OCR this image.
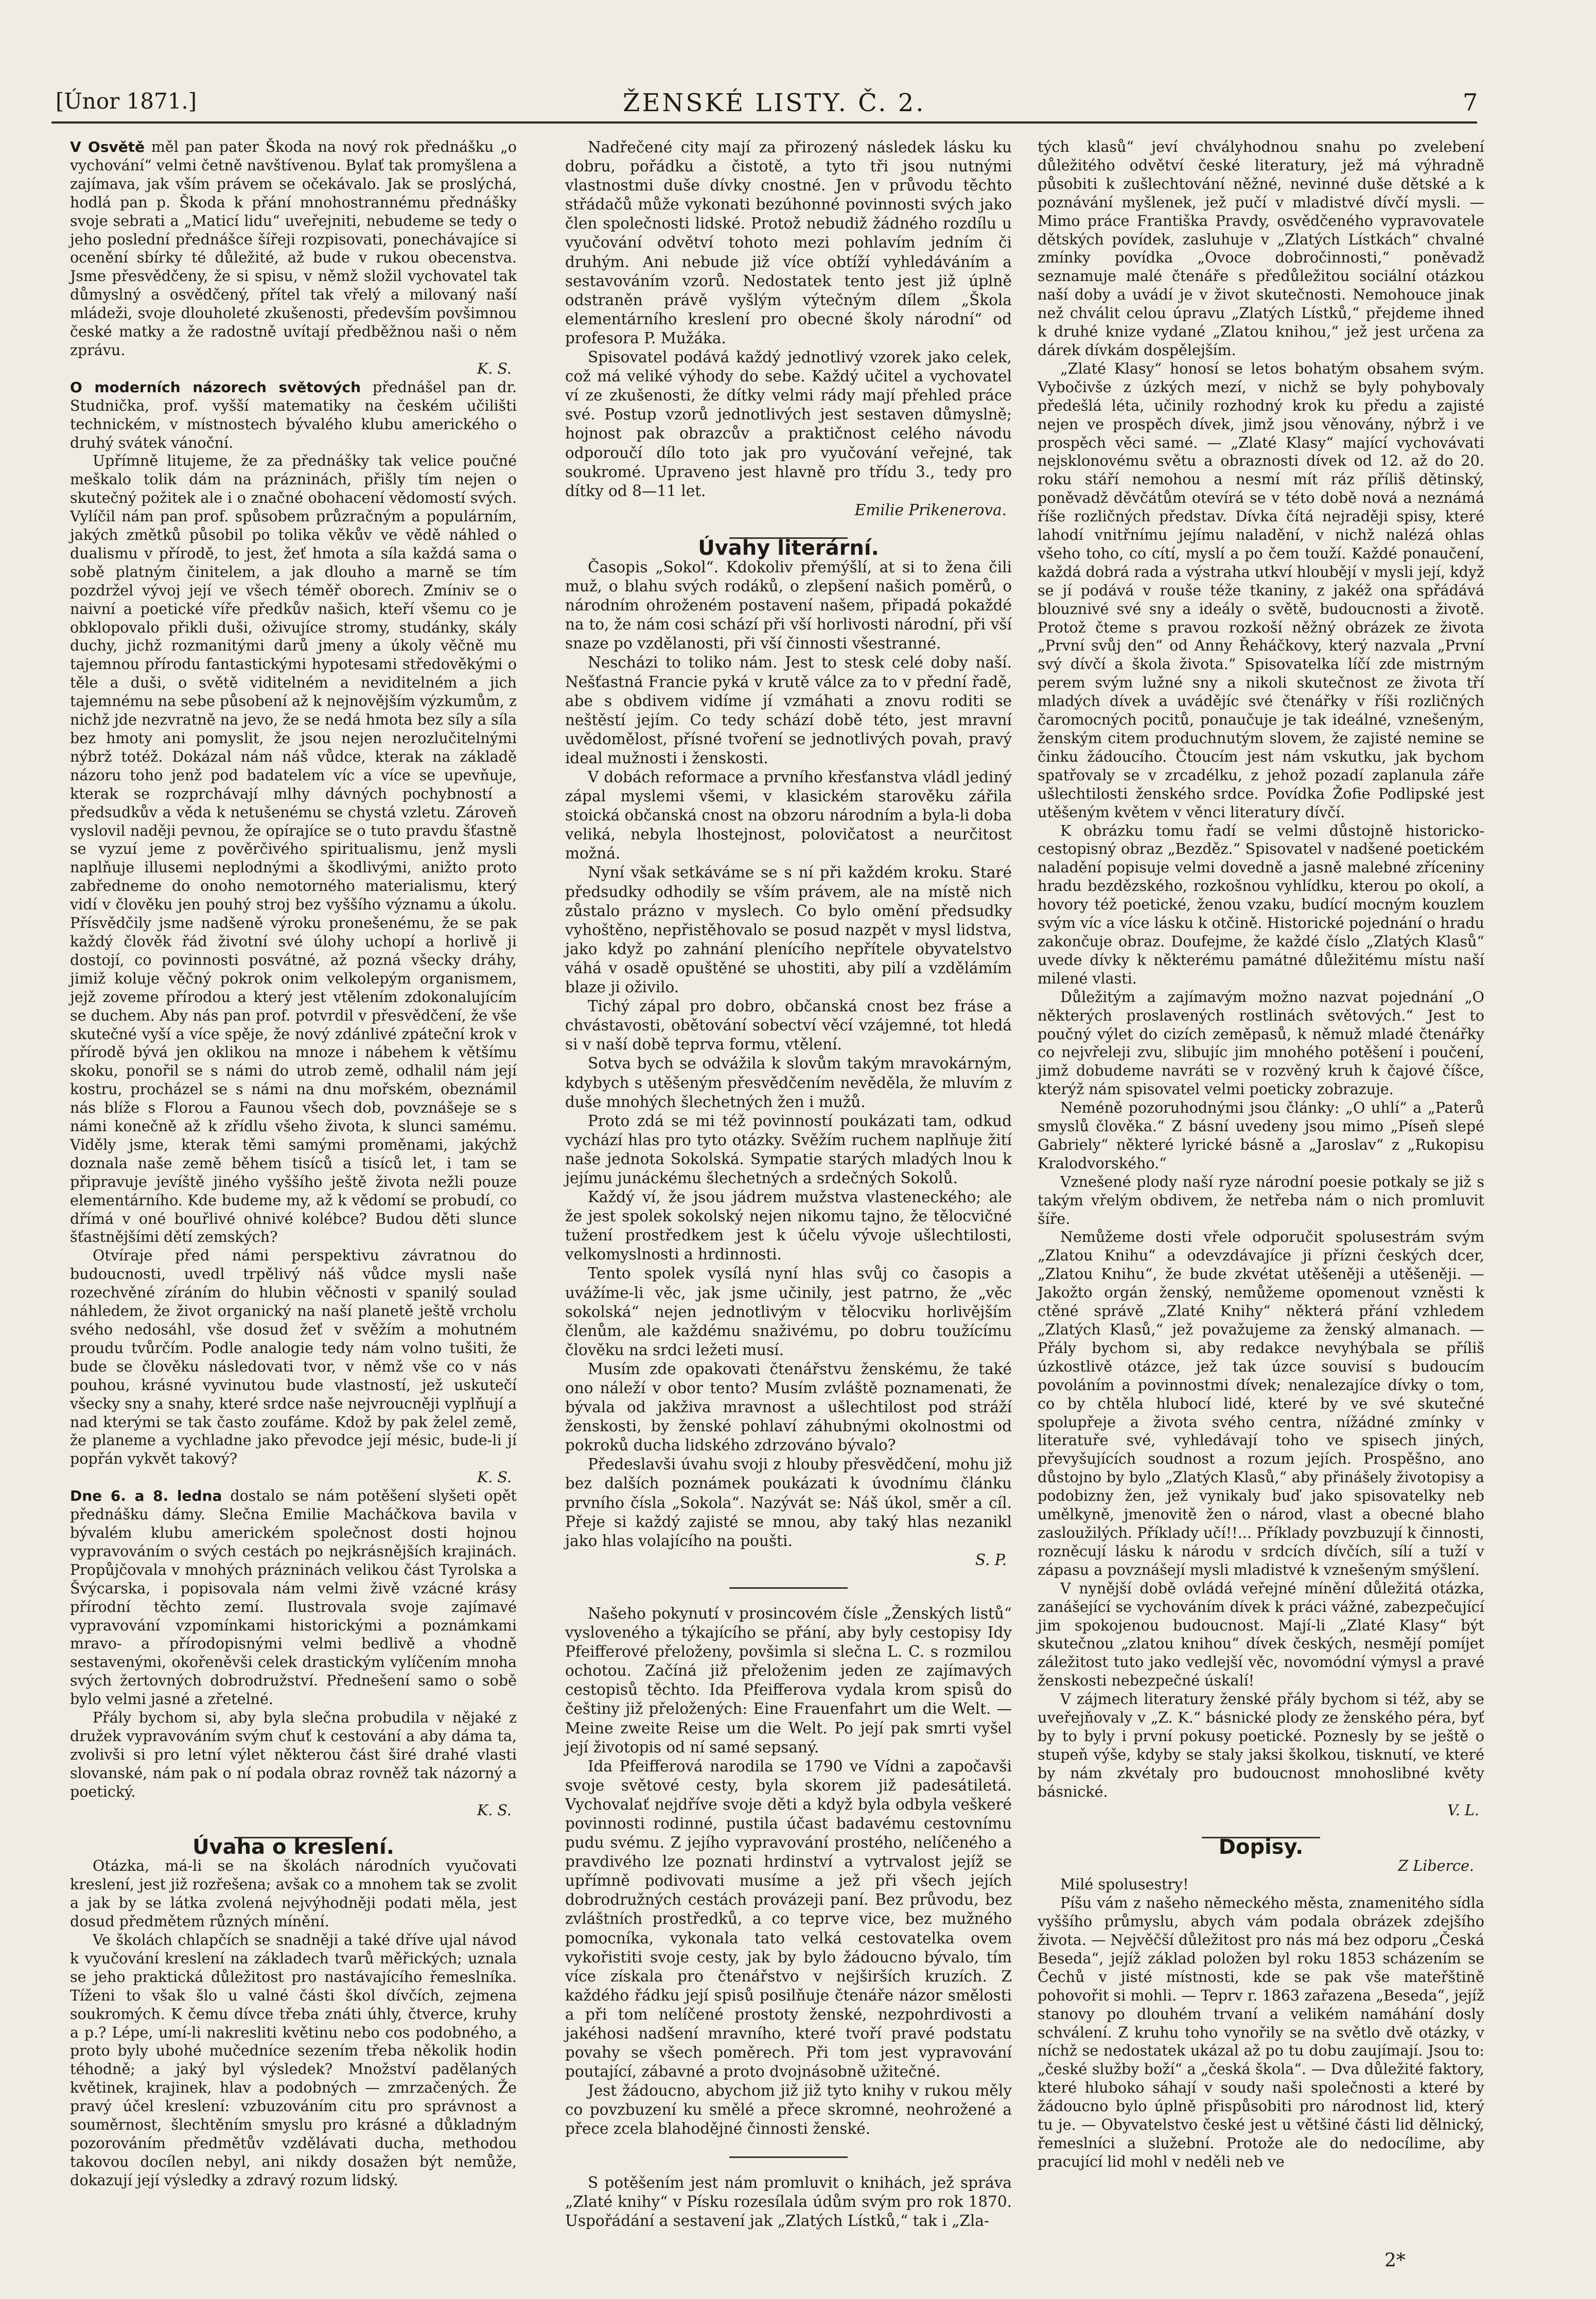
[Únor 1871.]	ŽENSKÉ LISTY. Č. 2.	7

V Osvětě měl pan pater Škoda na nový rok přednášku „o vychování“ velmi četně navštívenou. Bylať tak promyšlena a zajímava, jak vším právem se očekávalo. Jak se proslýchá, hodlá pan p. Škoda k přání mnohostrannému přednášky svoje sebrati a „Maticí lidu“ uveřejniti, nebudeme se tedy o jeho poslední přednášce šířeji rozpisovati, ponechávajíce si ocenění sbírky té důležité, až bude v rukou obecenstva. Jsme přesvědčeny, že si spisu, v němž složil vychovatel tak důmyslný a osvědčený, přítel tak vřelý a milovaný naší mládeži, svoje dlouholeté zkušenosti, především povšimnou české matky a že radostně uvítají předběžnou naši o něm zprávu.

K. S.

O moderních názorech světových přednášel pan dr. Studnička, prof. vyšší matematiky na českém učilišti technickém, v místnostech bývalého klubu amerického o druhý svátek vánoční.

Upřímně litujeme, že za přednášky tak velice poučné meškalo tolik dám na prázninách, přišly tím nejen o skutečný požitek ale i o značné obohacení vědomostí svých. Vylíčil nám pan prof. spůsobem průzračným a populárním, jakých změtků působil po tolika věkův ve vědě náhled o dualismu v přírodě, to jest, žeť hmota a síla každá sama o sobě platným činitelem, a jak dlouho a marně se tím pozdržel vývoj její ve všech téměř oborech. Zmíniv se o naivní a poetické víře předkův našich, kteří všemu co je obklopovalo přikli duši, oživujíce stromy, studánky, skály duchy, jichž rozmanitými darů jmeny a úkoly věčně mu tajemnou přírodu fantastickými hypotesami středověkými o těle a duši, o světě viditelném a neviditelném a jich tajemnému na sebe působení až k nejnovějším výzkumům, z nichž jde nezvratně na jevo, že se nedá hmota bez síly a síla bez hmoty ani pomyslit, že jsou nejen nerozlučitelnými nýbrž totéž. Dokázal nám náš vůdce, kterak na základě názoru toho jenž pod badatelem víc a více se upevňuje, kterak se rozprchávají mlhy dávných pochybností a předsudkův a věda k netušenému se chystá vzletu. Zároveň vyslovil naději pevnou, že opírajíce se o tuto pravdu šťastně se vyzuí jeme z pověrčivého spiritualismu, jenž mysli naplňuje illusemi neplodnými a škodlivými, anižto proto zabředneme do onoho nemotorného materialismu, který vidí v člověku jen pouhý stroj bez vyššího významu a úkolu. Přísvědčily jsme nadšeně výroku pronešenému, že se pak každý člověk řád životní své úlohy uchopí a horlivě ji dostojí, co povinnosti posvátné, až pozná všecky dráhy, jimiž koluje věčný pokrok onim velkolepým organismem, jejž zoveme přírodou a který jest vtělením zdokonalujícím se duchem. Aby nás pan prof. potvrdil v přesvědčení, že vše skutečné vyší a více spěje, že nový zdánlivé zpáteční krok v přírodě bývá jen oklikou na mnoze i nábehem k většímu skoku, ponořil se s námi do utrob země, odhalil nám její kostru, procházel se s námi na dnu mořském, obeznámil nás blíže s Florou a Faunou všech dob, povznášeje se s námi konečně až k zřídlu všeho života, k slunci samému. Viděly jsme, kterak těmi samými proměnami, jakýchž doznala naše země během tisíců a tisíců let, i tam se připravuje jevíště jiného vyššího ještě života nežli pouze elementárního. Kde budeme my, až k vědomí se probudí, co dřímá v oné bouřlivé ohnivé kolébce? Budou děti slunce šťastnějšími dětí zemských?

Otvíraje před námi perspektivu závratnou do budoucnosti, uvedl trpělivý náš vůdce mysli naše rozechvěné zíráním do hlubin věčnosti v spanilý soulad náhledem, že život organický na naší planetě ještě vrcholu svého nedosáhl, vše dosud žeť v svěžím a mohutném proudu tvůrčím. Podle analogie tedy nám volno tušiti, že bude se člověku následovati tvor, v němž vše co v nás pouhou, krásné vyvinutou bude vlastností, jež uskutečí všecky sny a snahy, které srdce naše nejvroucněji vyplňují a nad kterými se tak často zoufáme. Kdož by pak želel země, že planeme a vychladne jako převodce její mésic, bude-li jí popřán vykvět takový?

K. S.

Dne 6. a 8. ledna dostalo se nám potěšení slyšeti opět přednášku dámy. Slečna Emilie Macháčkova bavila v bývalém klubu americkém společnost dosti hojnou vypravováním o svých cestách po nejkrásnějších krajinách. Propůjčovala v mnohých prázninách velikou část Tyrolska a Švýcarska, i popisovala nám velmi živě vzácné krásy přírodní těchto zemí. Ilustrovala svoje zajímavé vypravování vzpomínkami historickými a poznámkami mravo- a přírodopisnými velmi bedlivě a vhodně sestavenými, okořeněvši celek drastickým vylíčením mnoha svých žertovných dobrodružství. Přednešení samo o sobě bylo velmi jasné a zřetelné.

Přály bychom si, aby byla slečna probudila v nějaké z družek vypravováním svým chuť k cestování a aby dáma ta, zvolivši si pro letní výlet některou část širé drahé vlasti slovanské, nám pak o ní podala obraz rovněž tak názorný a poetický.

K. S.

Úvaha o kreslení.

Otázka, má-li se na školách národních vyučovati kreslení, jest již rozřešena; avšak co a mnohem tak se zvolit a jak by se látka zvolená nejvýhodněji podati měla, jest dosud předmětem různých mínění.

Ve školách chlapčích se snadněji a také dříve ujal návod k vyučování kreslení na základech tvarů měřických; uznala se jeho praktická důležitost pro nastávajícího řemeslníka. Tíženi to však šlo u valné části škol dívčích, zejmena soukromých. K čemu dívce třeba znáti úhly, čtverce, kruhy a p.? Lépe, umí-li nakresliti květinu nebo cos podobného, a proto byly ubohé mučedníce sezením třeba několik hodin téhodně; a jaký byl výsledek? Množství padělaných květinek, krajinek, hlav a podobných — zmrzačených. Že pravý účel kreslení: vzbuzováním citu pro správnost a souměrnost, šlechtěním smyslu pro krásné a důkladným pozorováním předmětův vzdělávati ducha, methodou takovou docílen nebyl, ani nikdy dosažen být nemůže, dokazují její výsledky a zdravý rozum lidský.

Nadřečené city mají za přirozený následek lásku ku dobru, pořádku a čistotě, a tyto tři jsou nutnými vlastnostmi duše dívky cnostné. Jen v průvodu těchto střádačů může vykonati bezúhonné povinnosti svých jako člen společnosti lidské. Protož nebudiž žádného rozdílu u vyučování odvětví tohoto mezi pohlavím jedním či druhým. Ani nebude již více obtíží vyhledáváním a sestavováním vzorů. Nedostatek tento jest již úplně odstraněn právě vyšlým výtečným dílem „Škola elementárního kreslení pro obecné školy národní“ od profesora P. Mužáka.

Spisovatel podává každý jednotlivý vzorek jako celek, což má veliké výhody do sebe. Každý učitel a vychovatel ví ze zkušenosti, že dítky velmi rády mají přehled práce své. Postup vzorů jednotlivých jest sestaven důmyslně; hojnost pak obrazcův a praktičnost celého návodu odporoučí dílo toto jak pro vyučování veřejné, tak soukromé. Upraveno jest hlavně pro třídu 3., tedy pro dítky od 8—11 let.

Emilie Prikenerova.

Úvahy literární.

Časopis „Sokol“. Kdokoliv přemýšlí, at si to žena čili muž, o blahu svých rodáků, o zlepšení našich poměrů, o národním ohroženém postavení našem, připadá pokaždé na to, že nám cosi schází při vší horlivosti národní, při vší snaze po vzdělanosti, při vší činnosti všestranné.

Nescházi to toliko nám. Jest to stesk celé doby naší. Nešťastná Francie pyká v krutě válce za to v přední řadě, abe s obdivem vidíme jí vzmáhati a znovu roditi se neštěstí jejím. Co tedy schází době této, jest mravní uvědomělost, přísné tvoření se jednotlivých povah, pravý ideal mužnosti i ženskosti.

V dobách reformace a prvního křesťanstva vládl jediný zápal myslemi všemi, v klasickém starověku zářila stoická občanská cnost na obzoru národním a byla-li doba veliká, nebyla lhostejnost, polovičatost a neurčitost možná.

Nyní však setkáváme se s ní při každém kroku. Staré předsudky odhodily se vším právem, ale na místě nich zůstalo prázno v myslech. Co bylo omění předsudky vyhoštěno, nepřistěhovalo se posud nazpět v mysl lidstva, jako když po zahnání plenícího nepřítele obyvatelstvo váhá v osadě opuštěné se uhostiti, aby pilí a vzdělámím blaze ji oživilo.

Tichý zápal pro dobro, občanská cnost bez fráse a chvástavosti, obětování sobectví věcí vzájemné, tot hledá si v naší době teprva formu, vtělení.

Sotva bych se odvážila k slovům takým mravokárným, kdybych s utěšeným přesvědčením nevěděla, že mluvím z duše mnohých šlechetných žen i mužů.

Proto zdá se mi též povinností poukázati tam, odkud vychází hlas pro tyto otázky. Svěžím ruchem naplňuje žití naše jednota Sokolská. Sympatie starých mladých lnou k jejímu junáckému šlechetných a srdečných Sokolů.

Každý ví, že jsou jádrem mužstva vlasteneckého; ale že jest spolek sokolský nejen nikomu tajno, že tělocvičné tužení prostředkem jest k účelu vývoje ušlechtilosti, velkomyslnosti a hrdinnosti.

Tento spolek vysílá nyní hlas svůj co časopis a uvážíme-li věc, jak jsme učinily, jest patrno, že „věc sokolská“ nejen jednotlivým v tělocviku horlivějším členům, ale každému snaživému, po dobru toužícímu člověku na srdci ležeti musí.

Musím zde opakovati čtenářstvu ženskému, že také ono náleží v obor tento? Musím zvláště poznamenati, že bývala od jakživa mravnost a ušlechtilost pod stráží ženskosti, by ženské pohlaví záhubnými okolnostmi od pokroků ducha lidského zdrzováno bývalo?

Předeslavši úvahu svoji z hlouby přesvědčení, mohu již bez dalších poznámek poukázati k úvodnímu článku prvního čísla „Sokola“. Nazývát se: Náš úkol, směr a cíl. Přeje si každý zajisté se mnou, aby taký hlas nezanikl jako hlas volajícího na poušti.

S. P.

Našeho pokynutí v prosincovém čísle „Ženských listů“ vysloveného a týkajícího se přání, aby byly cestopisy Idy Pfeifferové přeloženy, povšimla si slečna L. C. s rozmilou ochotou. Začíná již přeloženim jeden ze zajímavých cestopisů těchto. Ida Pfeifferova vydala krom spisů do češtiny již přeložených: Eine Frauenfahrt um die Welt. — Meine zweite Reise um die Welt. Po její pak smrti vyšel její životopis od ní samé sepsaný.

Ida Pfeifferová narodila se 1790 ve Vídni a započavši svoje světové cesty, byla skorem již padesátiletá. Vychovalať nejdříve svoje děti a když byla odbyla veškeré povinnosti rodinné, pustila účast badavému cestovnímu pudu svému. Z jejího vypravování prostého, nelíčeného a pravdivého lze poznati hrdinství a vytrvalost jejíž se upřímně podivovati musíme a jež při všech jejích dobrodružných cestách provázeji paní. Bez průvodu, bez zvláštních prostředků, a co teprve vice, bez mužného pomocníka, vykonala tato velká cestovatelka ovem vykořistiti svoje cesty, jak by bylo žádoucno bývalo, tím více získala pro čtenářstvo v nejširších kruzích. Z každého řádku její spisů posilňuje čtenáře názor smělosti a při tom nelíčené prostoty ženské, nezpohrdivosti a jakéhosi nadšení mravního, které tvoří pravé podstatu povahy se všech poměrech. Při tom jest vypravování poutající, zábavné a proto dvojnásobně užitečné.

Jest žádoucno, abychom již již tyto knihy v rukou měly co povzbuzení ku smělé a přece skromné, neohrožené a přece zcela blahodějné činnosti ženské.

S potěšením jest nám promluvit o knihách, jež správa „Zlaté knihy“ v Písku rozesílala údům svým pro rok 1870. Uspořádání a sestavení jak „Zlatých Lístků,“ tak i „Zla-

tých klasů“ jeví chvályhodnou snahu po zvelebení důležitého odvětví české literatury, jež má výhradně působiti k zušlechtování něžné, nevinné duše dětské a k poznávání myšlenek, jež pučí v mladistvé dívčí mysli. — Mimo práce Františka Pravdy, osvědčeného vypravovatele dětských povídek, zasluhuje v „Zlatých Lístkách“ chvalné zmínky povídka „Ovoce dobročinnosti,“ poněvadž seznamuje malé čtenáře s předůležitou sociální otázkou naší doby a uvádí je v život skutečnosti. Nemohouce jinak než chválit celou úpravu „Zlatých Lístků,“ přejdeme ihned k druhé knize vydané „Zlatou knihou,“ jež jest určena za dárek dívkám dospělejším.

„Zlaté Klasy“ honosí se letos bohatým obsahem svým. Vybočivše z úzkých mezí, v nichž se byly pohybovaly předešlá léta, učinily rozhodný krok ku předu a zajisté nejen ve prospěch dívek, jimž jsou věnovány, nýbrž i ve prospěch věci samé. — „Zlaté Klasy“ mající vychovávati nejsklonovému světu a obraznosti dívek od 12. až do 20. roku stáří nemohou a nesmí mít ráz příliš dětinský, poněvadž děvčátům otevírá se v této době nová a neznámá říše rozličných představ. Dívka čítá nejraději spisy, které lahodí vnitřnímu jejímu naladění, v nichž nalézá ohlas všeho toho, co cítí, myslí a po čem touží. Každé ponaučení, každá dobrá rada a výstraha utkví hloubějí v mysli její, když se jí podává v rouše téže tkaniny, z jakéž ona spřádává blouznivé své sny a ideály o světě, budoucnosti a životě. Protož čteme s pravou rozkoší něžný obrázek ze života „První svůj den“ od Anny Řeháčkovy, který nazvala „První svý dívčí a škola života.“ Spisovatelka líčí zde mistrným perem svým lužné sny a nikoli skutečnost ze života tří mladých dívek a uvádějíc své čtenářky v říši rozličných čaromocných pocitů, ponaučuje je tak ideálné, vznešeným, ženským citem produchnutým slovem, že zajisté nemine se činku žádoucího. Čtoucím jest nám vskutku, jak bychom spatřovaly se v zrcadélku, z jehož pozadí zaplanula záře ušlechtilosti ženského srdce. Povídka Žofie Podlipské jest utěšeným květem v věnci literatury dívčí.

K obrázku tomu řadí se velmi důstojně historicko-cestopisný obraz „Bezděz.“ Spisovatel v nadšené poetickém naladění popisuje velmi dovedně a jasně malebné zříceniny hradu bezdězského, rozkošnou vyhlídku, kterou po okolí, a hovory též poetické, ženou vzaku, budící mocným kouzlem svým víc a více lásku k otčině. Historické pojednání o hradu zakončuje obraz. Doufejme, že každé číslo „Zlatých Klasů“ uvede dívky k některému památné důležitému místu naší milené vlasti.

Důležitým a zajímavým možno nazvat pojednání „O některých proslavených rostlinách světových.“ Jest to poučný výlet do cizích zeměpasů, k němuž mladé čtenářky co nejvřeleji zvu, slibujíc jim mnohého potěšení i poučení, jimž dobudeme navráti se v rozvěný kruh k čajové číšce, kterýž nám spisovatel velmi poeticky zobrazuje.

Neméně pozoruhodnými jsou články: „O uhlí“ a „Paterů smyslů člověka.“ Z básní uvedeny jsou mimo „Píseň slepé Gabriely“ některé lyrické básně a „Jaroslav“ z „Rukopisu Kralodvorského.“

Vznešené plody naší ryze národní poesie potkaly se již s takým vřelým obdivem, že netřeba nám o nich promluvit šíře.

Nemůžeme dosti vřele odporučit spolusestrám svým „Zlatou Knihu“ a odevzdávajíce ji přízni českých dcer, „Zlatou Knihu“, že bude zkvétat utěšeněji a utěšeněji. — Jakožto orgán ženský, nemůžeme opomenout vzněsti k ctěné správě „Zlaté Knihy“ některá přání vzhledem „Zlatých Klasů,“ jež považujeme za ženský almanach. — Přály bychom si, aby redakce nevyhýbala se příliš úzkostlivě otázce, jež tak úzce souvisí s budoucím povoláním a povinnostmi dívek; nenalezajíce dívky o tom, co by chtěla hlubocí lidé, které by ve své skutečné spolupřeje a života svého centra, nížádné zmínky v literatuře své, vyhledávají toho ve spisech jiných, převyšujících soudnost a rozum jejích. Prospěšno, ano důstojno by bylo „Zlatých Klasů,“ aby přinášely životopisy a podobizny žen, jež vynikaly buď jako spisovatelky neb umělkyně, jmenovitě žen o národ, vlast a obecné blaho zasloužilých. Příklady učí!!... Příklady povzbuzují k činnosti, rozněcují lásku k národu v srdcích dívčích, sílí a tuží v zápasu a povznášejí mysli mladistvé k vznešeným smýšlení.

V nynější době ovládá veřejné mínění důležitá otázka, zanášející se vychováním dívek k práci vážné, zabezpečující jim spokojenou budoucnost. Mají-li „Zlaté Klasy“ být skutečnou „zlatou knihou“ dívek českých, nesmějí pomíjet záležitost tuto jako vedlejší věc, novomódní výmysl a pravé ženskosti nebezpečné úskalí!

V zájmech literatury ženské přály bychom si též, aby se uveřejňovaly v „Z. K.“ básnické plody ze ženského péra, byť by to byly i první pokusy poetické. Poznesly by se ještě o stupeň výše, kdyby se staly jaksi školkou, tisknutí, ve které by nám zkvétaly pro budoucnost mnohoslibné květy básnické.

V. L.

Dopisy.

Z Liberce.

Milé spolusestry!

Píšu vám z našeho německého města, znamenitého sídla vyššího průmyslu, abych vám podala obrázek zdejšího života. — Nejvěčší důležitost pro nás má bez odporu „Česká Beseda“, jejíž základ položen byl roku 1853 scházením se Čechů v jisté místnosti, kde se pak vše mateřštině pohovořit si mohli. — Teprv r. 1863 zařazena „Beseda“, jejíž stanovy po dlouhém trvaní a velikém namáhání dosly schválení. Z kruhu toho vynořily se na světlo dvě otázky, v níchž se nedostatek ukázal až po tu dobu zaujímají. Jsou to: „české služby boží“ a „česká škola“. — Dva důležité faktory, které hluboko sáhají v soudy naši společnosti a které by žádoucno bylo úplně přispůsobiti pro národnost lid, který tu je. — Obyvatelstvo české jest u většiné části lid dělnický, řemeslníci a služební. Protože ale do nedocílime, aby pracující lid mohl v neděli neb ve

2*
